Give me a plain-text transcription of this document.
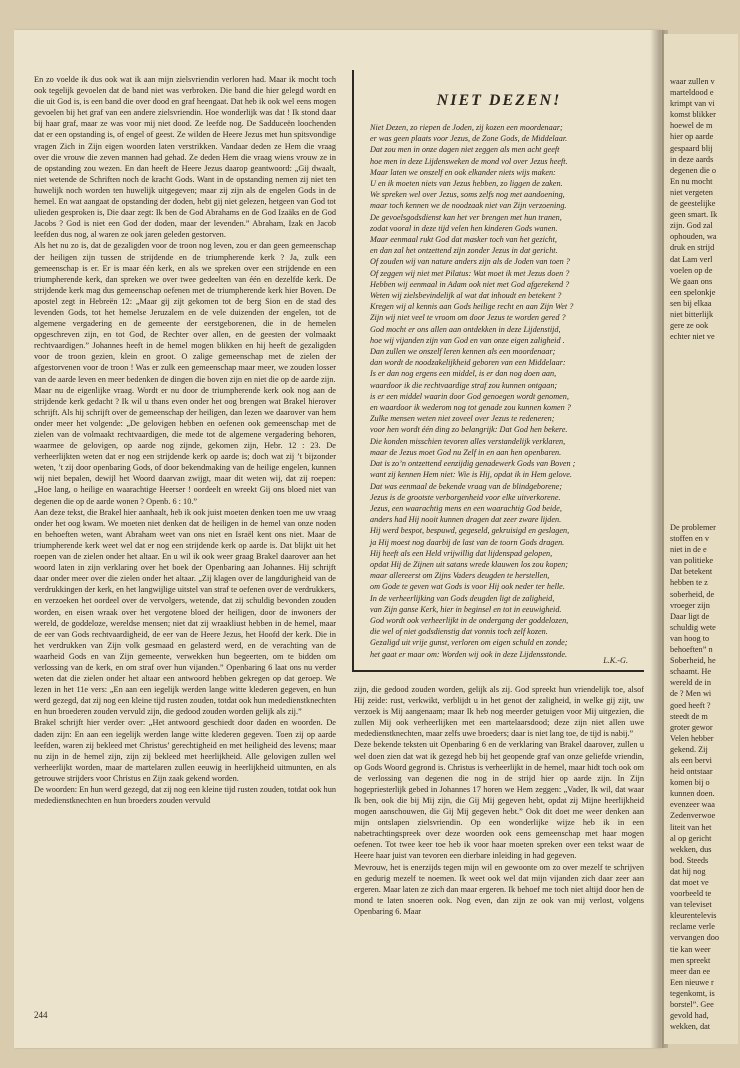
waar zullen v
marteldood e
krimpt van vi
komst blikker
hoewel de m
hier op aarde
gespaard blij
in deze aards
degenen die o
En nu mocht
niet vergeten
de geestelijke
geen smart. Ik
zijn. God zal
ophouden, wa
druk en strijd
dat Lam verl
voelen op de
We gaan ons
een spelonkje
sen bij elkaa
niet bitterlijk
gere ze ook
echter niet ve
De problemer
stoffen en v
niet in de e
van politieke
Dat betekent
hebben te z
soberheid, de
vroeger zijn
Daar ligt de
schuldig wete
van hoog to
behoeften” n
Soberheid, he
schaamt. He
wereld de in
de ? Men wi
goed heeft ?
steedt de m
groter gewor
Velen hebber
gekend. Zij
als een bervi
heid ontstaar
komen bij o
kunnen doen.
evenzeer waa
Zedenverwoe
liteit van het
al op gericht
wekken, dus
bod. Steeds
dat hij nog
dat moet ve
voorbeeld te
van televiset
kleurentelevis
reclame verle
vervangen doo
tie kan weer
men spreekt
meer dan ee
Een nieuwe r
tegenkomt, is
borstel”. Gee
gevold had,
wekken, dat

En zo voelde ik dus ook wat ik aan mijn zielsvriendin verloren had. Maar ik mocht toch ook tegelijk gevoelen dat de band niet was verbroken. Die band die hier gelegd wordt en die uit God is, is een band die over dood en graf heengaat. Dat heb ik ook wel eens mogen gevoelen bij het graf van een andere zielsvriendin. Hoe wonderlijk was dat ! Ik stond daar bij haar graf, maar ze was voor mij niet dood. Ze leefde nog. De Sadduceën loochenden dat er een opstanding is, of engel of geest. Ze wilden de Heere Jezus met hun spitsvondige vragen Zich in Zijn eigen woorden laten verstrikken. Vandaar deden ze Hem die vraag over die vrouw die zeven mannen had gehad. Ze deden Hem die vraag wiens vrouw ze in de opstanding zou wezen. En dan heeft de Heere Jezus daarop geantwoord: „Gij dwaalt, niet wetende de Schriften noch de kracht Gods. Want in de opstanding nemen zij niet ten huwelijk noch worden ten huwelijk uitgegeven; maar zij zijn als de engelen Gods in de hemel. En wat aangaat de opstanding der doden, hebt gij niet gelezen, hetgeen van God tot ulieden gesproken is, Die daar zegt: Ik ben de God Abrahams en de God Izaäks en de God Jacobs ? God is niet een God der doden, maar der levenden.” Abraham, Izak en Jacob leefden dus nog, al waren ze ook jaren geleden gestorven.

Als het nu zo is, dat de gezaligden voor de troon nog leven, zou er dan geen gemeenschap der heiligen zijn tussen de strijdende en de triumpherende kerk ? Ja, zulk een gemeenschap is er. Er is maar één kerk, en als we spreken over een strijdende en een triumpherende kerk, dan spreken we over twee gedeelten van één en dezelfde kerk. De strijdende kerk mag dus gemeenschap oefenen met de triumpherende kerk hier Boven. De apostel zegt in Hebreën 12: „Maar gij zijt gekomen tot de berg Sion en de stad des levenden Gods, tot het hemelse Jeruzalem en de vele duizenden der engelen, tot de algemene vergadering en de gemeente der eerstgeborenen, die in de hemelen opgeschreven zijn, en tot God, de Rechter over allen, en de geesten der volmaakt rechtvaardigen.” Johannes heeft in de hemel mogen blikken en hij heeft de gezaligden voor de troon gezien, klein en groot. O zalige gemeenschap met de zielen der afgestorvenen voor de troon ! Was er zulk een gemeenschap maar meer, we zouden losser van de aarde leven en meer bedenken de dingen die boven zijn en niet die op de aarde zijn.

Maar nu de eigenlijke vraag. Wordt er nu door de triumpherende kerk ook nog aan de strijdende kerk gedacht ? Ik wil u thans even onder het oog brengen wat Brakel hierover schrijft. Als hij schrijft over de gemeenschap der heiligen, dan lezen we daarover van hem onder meer het volgende: „De gelovigen hebben en oefenen ook gemeenschap met de zielen van de volmaakt rechtvaardigen, die mede tot de algemene vergadering behoren, waarmee de gelovigen, op aarde nog zijnde, gekomen zijn, Hebr. 12 : 23. De verheerlijkten weten dat er nog een strijdende kerk op aarde is; doch wat zij ’t bijzonder weten, ’t zij door openbaring Gods, of door bekendmaking van de heilige engelen, kunnen wij niet bepalen, dewijl het Woord daarvan zwijgt, maar dit weten wij, dat zij roepen: „Hoe lang, o heilige en waarachtige Heerser ! oordeelt en wreekt Gij ons bloed niet van degenen die op de aarde wonen ? Openb. 6 : 10.”

Aan deze tekst, die Brakel hier aanhaalt, heb ik ook juist moeten denken toen me uw vraag onder het oog kwam. We moeten niet denken dat de heiligen in de hemel van onze noden en behoeften weten, want Abraham weet van ons niet en Israël kent ons niet. Maar de triumpherende kerk weet wel dat er nog een strijdende kerk op aarde is. Dat blijkt uit het roepen van de zielen onder het altaar. En u wil ik ook weer graag Brakel daarover aan het woord laten in zijn verklaring over het boek der Openbaring aan Johannes. Hij schrijft daar onder meer over die zielen onder het altaar. „Zij klagen over de langdurigheid van de verdrukkingen der kerk, en het langwijlige uitstel van straf te oefenen over de verdrukkers, en verzoeken het oordeel over de vervolgers, wetende, dat zij schuldig bevonden zouden worden, en eisen wraak over het vergotene bloed der heiligen, door de inwoners der wereld, de goddeloze, wereldse mensen; niet dat zij wraakliust hebben in de hemel, maar de eer van Gods rechtvaardigheid, de eer van de Heere Jezus, het Hoofd der kerk. Die in het verdrukken van Zijn volk gesmaad en gelasterd werd, en de verachting van de waarheid Gods en van Zijn gemeente, verwekken hun begeerten, om te bidden om verlossing van de kerk, en om straf over hun vijanden.” Openbaring 6 laat ons nu verder weten dat die zielen onder het altaar een antwoord hebben gekregen op dat geroep. We lezen in het 11e vers: „En aan een iegelijk werden lange witte klederen gegeven, en hun werd gezegd, dat zij nog een kleine tijd rusten zouden, totdat ook hun mededienstknechten en hun broederen zouden vervuld zijn, die gedood zouden worden gelijk als zij.”

Brakel schrijft hier verder over: „Het antwoord geschiedt door daden en woorden. De daden zijn: En aan een iegelijk werden lange witte klederen gegeven. Toen zij op aarde leefden, waren zij bekleed met Christus’ gerechtigheid en met heiligheid des levens; maar nu zijn in de hemel zijn, zijn zij bekleed met heerlijkheid. Alle gelovigen zullen wel verheerlijkt worden, maar de martelaren zullen eeuwig in heerlijkheid uitmunten, en als getrouwe strijders voor Christus en Zijn zaak gekend worden.

De woorden: En hun werd gezegd, dat zij nog een kleine tijd rusten zouden, totdat ook hun mededienstknechten en hun broeders zouden vervuld

NIET DEZEN!
Niet Dezen, zo riepen de Joden, zij kozen een moordenaar;
er was geen plaats voor Jezus, de Zone Gods, de Middelaar.
Dat zou men in onze dagen niet zeggen als men acht geeft
hoe men in deze Lijdensweken de mond vol over Jezus heeft.
Maar laten we onszelf en ook elkander niets wijs maken:
U en ik moeten niets van Jezus hebben, zo liggen de zaken.
We spreken wel over Jezus, soms zelfs nog met aandoening,
maar toch kennen we de noodzaak niet van Zijn verzoening.
De gevoelsgodsdienst kan het ver brengen met hun tranen,
zodat vooral in deze tijd velen hen kinderen Gods wanen.
Maar eenmaal rukt God dat masker toch van het gezicht,
en dan zal het ontzettend zijn zonder Jezus in dat gericht.
Of zouden wij van nature anders zijn als de Joden van toen ?
Of zeggen wij niet met Pilatus: Wat moet ik met Jezus doen ?
Hebben wij eenmaal in Adam ook niet met God afgerekend ?
Weten wij zielsbevindelijk al wat dat inhoudt en betekent ?
Kregen wij al kennis aan Gods heilige recht en aan Zijn Wet ?
Zijn wij niet veel te vroom om door Jezus te worden gered ?
God mocht er ons allen aan ontdekken in deze Lijdenstijd,
hoe wij vijanden zijn van God en van onze eigen zaligheid .
Dan zullen we onszelf leren kennen als een moordenaar;
dan wordt de noodzakelijkheid geboren van een Middelaar:
Is er dan nog ergens een middel, is er dan nog doen aan,
waardoor ik die rechtvaardige straf zou kunnen ontgaan;
is er een middel waarin door God genoegen wordt genomen,
en waardoor ik wederom nog tot genade zou kunnen komen ?
Zulke mensen weten niet zoveel over Jezus te redeneren;
voor hen wordt één ding zo belangrijk: Dat God hen bekere.
Die konden misschien tevoren alles verstandelijk verklaren,
maar de Jezus moet God nu Zelf in en aan hen openbaren.
Dat is zo’n ontzettend eenzijdig genadewerk Gods van Boven ;
want zij kennen Hem niet: Wie is Hij, opdat ik in Hem gelove.
Dat was eenmaal de bekende vraag van de blindgeborene;
Jezus is de grootste verborgenheid voor elke uitverkorene.
Jezus, een waarachtig mens en een waarachtig God beide,
anders had Hij nooit kunnen dragen dat zeer zware lijden.
Hij werd bespot, bespuwd, gegeseld, gekruisigd en geslagen,
ja Hij moest nog daarbij de last van de toorn Gods dragen.
Hij heeft als een Held vrijwillig dat lijdenspad gelopen,
opdat Hij de Zijnen uit satans wrede klauwen los zou kopen;
maar allereerst om Zijns Vaders deugden te herstellen,
om Gode te geven wat Gods is voor Hij ook neder ter helle.
In de verheerlijking van Gods deugden ligt de zaligheid,
van Zijn ganse Kerk, hier in beginsel en tot in eeuwigheid.
God wordt ook verheerlijkt in de ondergang der goddelozen,
die wel of niet godsdienstig dat vonnis toch zelf kozen.
Gezaligd uit vrije gunst, verloren om eigen schuld en zonde;
het gaat er maar om: Worden wij ook in deze Lijdensstonde.
L.K.-G.

zijn, die gedood zouden worden, gelijk als zij. God spreekt hun vriendelijk toe, alsof Hij zeide: rust, verkwikt, verblijdt u in het genot der zaligheid, in welke gij zijt, uw verzoek is Mij aangenaam; maar Ik heb nog meerder getuigen voor Mij uitgezien, die zullen Mij ook verheerlijken met een martelaarsdood; deze zijn niet allen uwe mededienstknechten, maar zelfs uwe broeders; daar is niet lang toe, de tijd is nabij.”

Deze bekende teksten uit Openbaring 6 en de verklaring van Brakel daarover, zullen u wel doen zien dat wat ik gezegd heb bij het geopende graf van onze geliefde vriendin, op Gods Woord gegrond is. Christus is verheerlijkt in de hemel, maar hidt toch ook om de verlossing van degenen die nog in de strijd hier op aarde zijn. In Zijn hogepriesterlijk gebed in Johannes 17 horen we Hem zeggen: „Vader, Ik wil, dat waar Ik ben, ook die bij Mij zijn, die Gij Mij gegeven hebt, opdat zij Mijne heerlijkheid mogen aanschouwen, die Gij Mij gegeven hebt.” Ook dit doet me weer denken aan mijn ontslapen zielsvriendin. Op een wonderlijke wijze heb ik in een nabetrachtingspreek over deze woorden ook eens gemeenschap met haar mogen oefenen. Tot twee keer toe heb ik voor haar moeten spreken over een tekst waar de Heere haar juist van tevoren een dierbare inleiding in had gegeven.

Mevrouw, het is enerzijds tegen mijn wil en gewoonte om zo over mezelf te schrijven en gedurig mezelf te noemen. Ik weet ook wel dat mijn vijanden zich daar zeer aan ergeren. Maar laten ze zich dan maar ergeren. Ik behoef me toch niet altijd door hen de mond te laten snoeren ook. Nog even, dan zijn ze ook van mij verlost, volgens Openbaring 6. Maar

244
